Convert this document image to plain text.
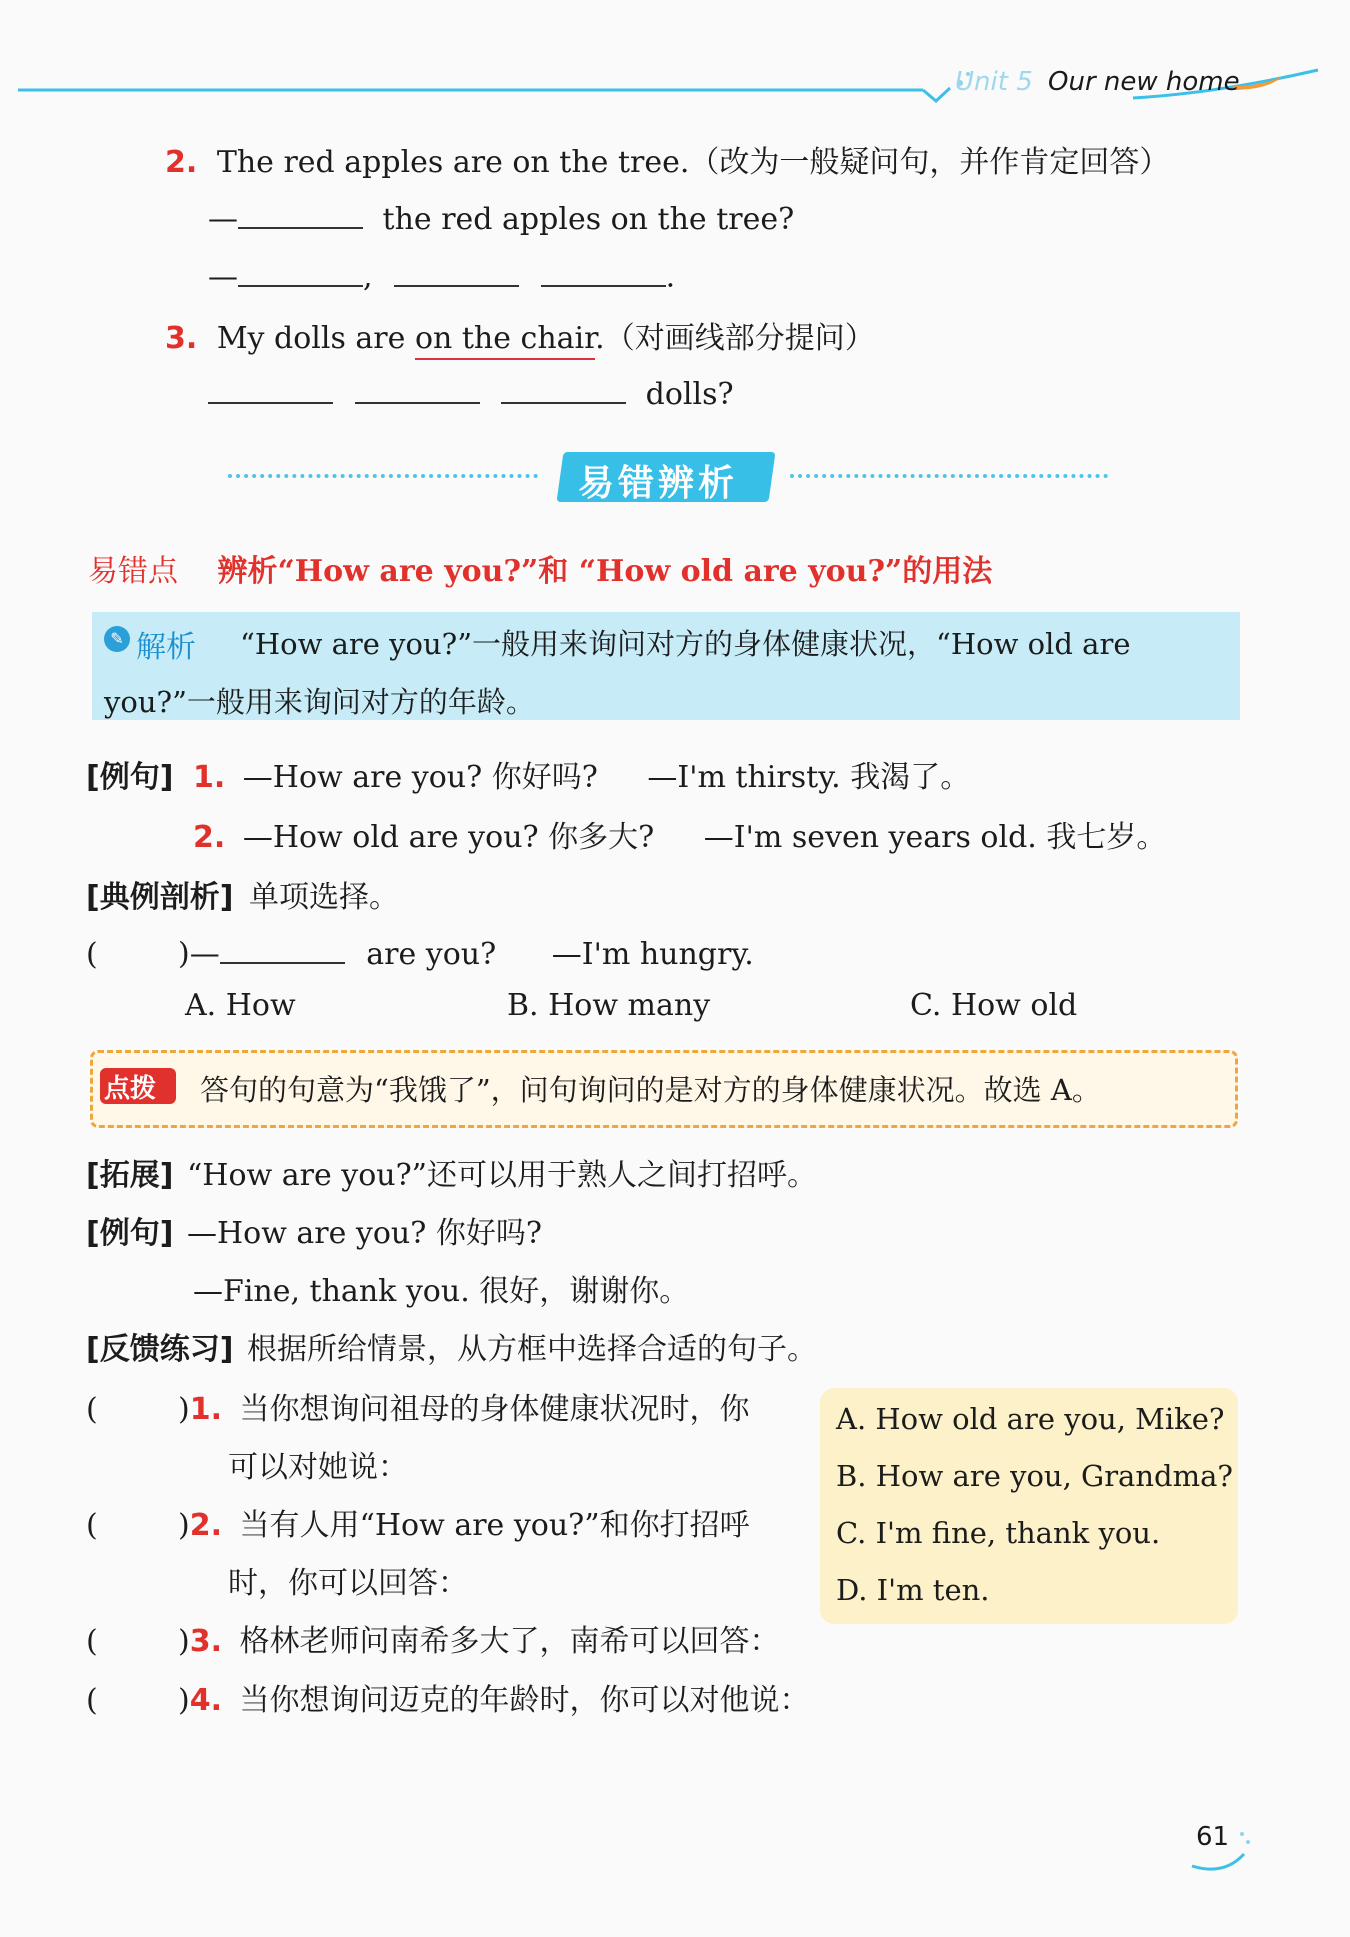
Unit 5 Our new home
2. The red apples are on the tree.（改为一般疑问句，并作肯定回答）
—	the red apples on the tree?
—	,	.
3. My dolls are on the chair.（对画线部分提问）
dolls?
易错辨析
易错点 辨析“How are you?”和 “How old are you?”的用法
✎ 解析 “How are you?”一般用来询问对方的身体健康状况，“How old are
you?”一般用来询问对方的年龄。
[例句] 1. —How are you? 你好吗? —I'm thirsty. 我渴了。
2. —How old are you? 你多大? —I'm seven years old. 我七岁。
[典例剖析] 单项选择。
(	)—	are you? —I'm hungry.
A. How	B. How many	C. How old
点拨 答句的句意为“我饿了”，问句询问的是对方的身体健康状况。故选 A。
[拓展] “How are you?”还可以用于熟人之间打招呼。
[例句] —How are you? 你好吗?
—Fine, thank you. 很好，谢谢你。
[反馈练习] 根据所给情景，从方框中选择合适的句子。
(	)1. 当你想询问祖母的身体健康状况时，你
可以对她说：
(	)2. 当有人用“How are you?”和你打招呼
时，你可以回答：
(	)3. 格林老师问南希多大了，南希可以回答：
(	)4. 当你想询问迈克的年龄时，你可以对他说：
A. How old are you, Mike?
B. How are you, Grandma?
C. I'm fine, thank you.
D. I'm ten.
61
